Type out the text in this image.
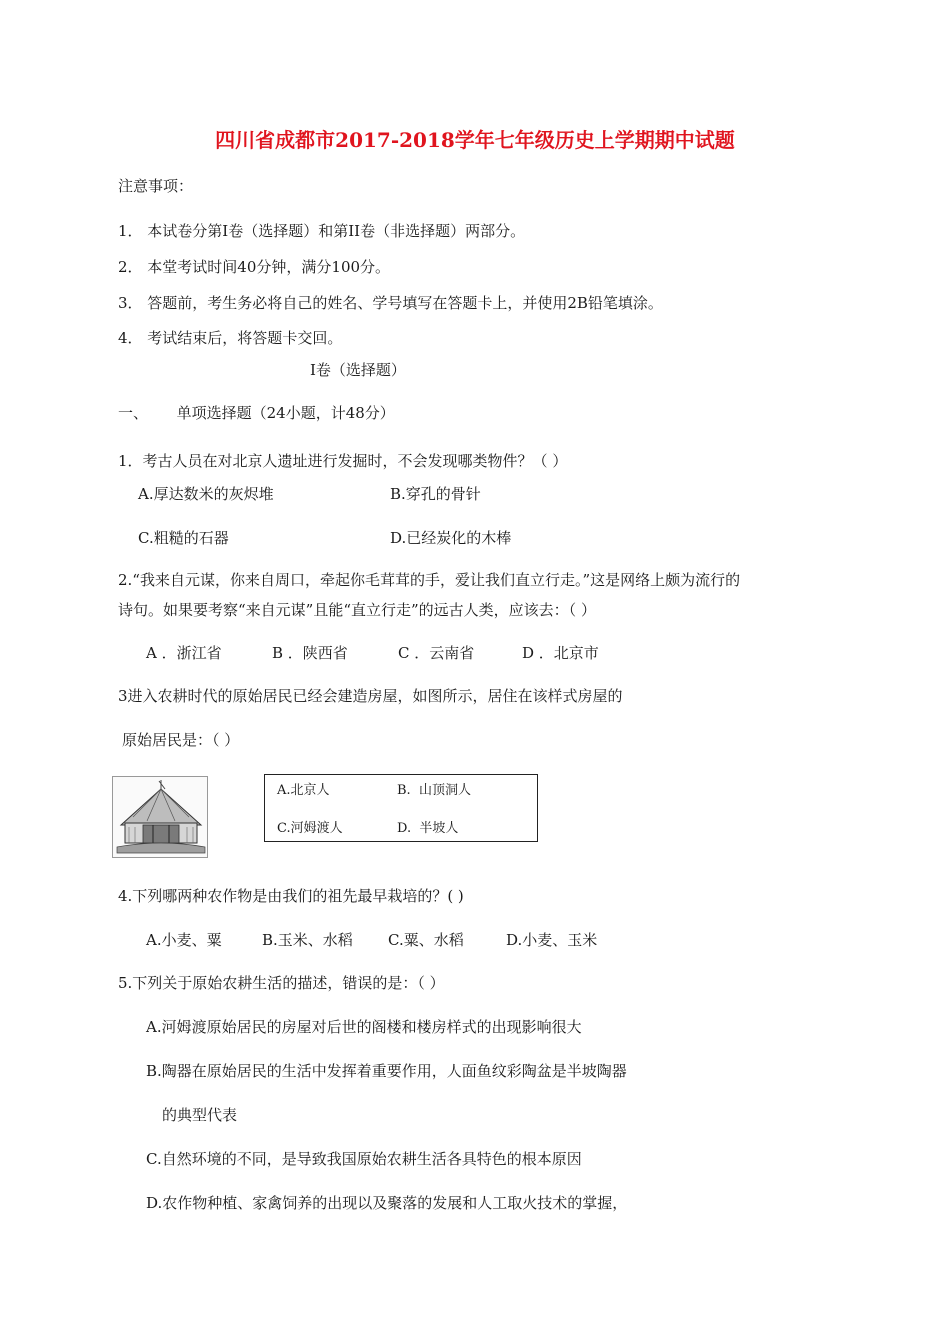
四川省成都市2017-2018学年七年级历史上学期期中试题
注意事项：
1． 本试卷分第I卷（选择题）和第II卷（非选择题）两部分。
2． 本堂考试时间40分钟，满分100分。
3． 答题前，考生务必将自己的姓名、学号填写在答题卡上，并使用2B铅笔填涂。
4． 考试结束后，将答题卡交回。
I卷（选择题）
一、      单项选择题（24小题，计48分）
1．考古人员在对北京人遗址进行发掘时，不会发现哪类物件？（ ）
A.厚达数米的灰烬堆	B.穿孔的骨针
C.粗糙的石器	D.已经炭化的木棒
2.“我来自元谋，你来自周口，牵起你毛茸茸的手，爱让我们直立行走。”这是网络上颇为流行的
诗句。如果要考察“来自元谋”且能“直立行走”的远古人类，应该去：（ ）
A ．浙江省	B ．陕西省	C ．云南省	D ．北京市
3进入农耕时代的原始居民已经会建造房屋，如图所示，居住在该样式房屋的
原始居民是：（ ）
A.北京人	B.  山顶洞人
C.河姆渡人	D.  半坡人
4.下列哪两种农作物是由我们的祖先最早栽培的？( )
A.小麦、粟	B.玉米、水稻 C.粟、水稻	D.小麦、玉米
5.下列关于原始农耕生活的描述，错误的是：（ ）
A.河姆渡原始居民的房屋对后世的阁楼和楼房样式的出现影响很大
B.陶器在原始居民的生活中发挥着重要作用，人面鱼纹彩陶盆是半坡陶器
的典型代表
C.自然环境的不同，是导致我国原始农耕生活各具特色的根本原因
D.农作物种植、家禽饲养的出现以及聚落的发展和人工取火技术的掌握，
